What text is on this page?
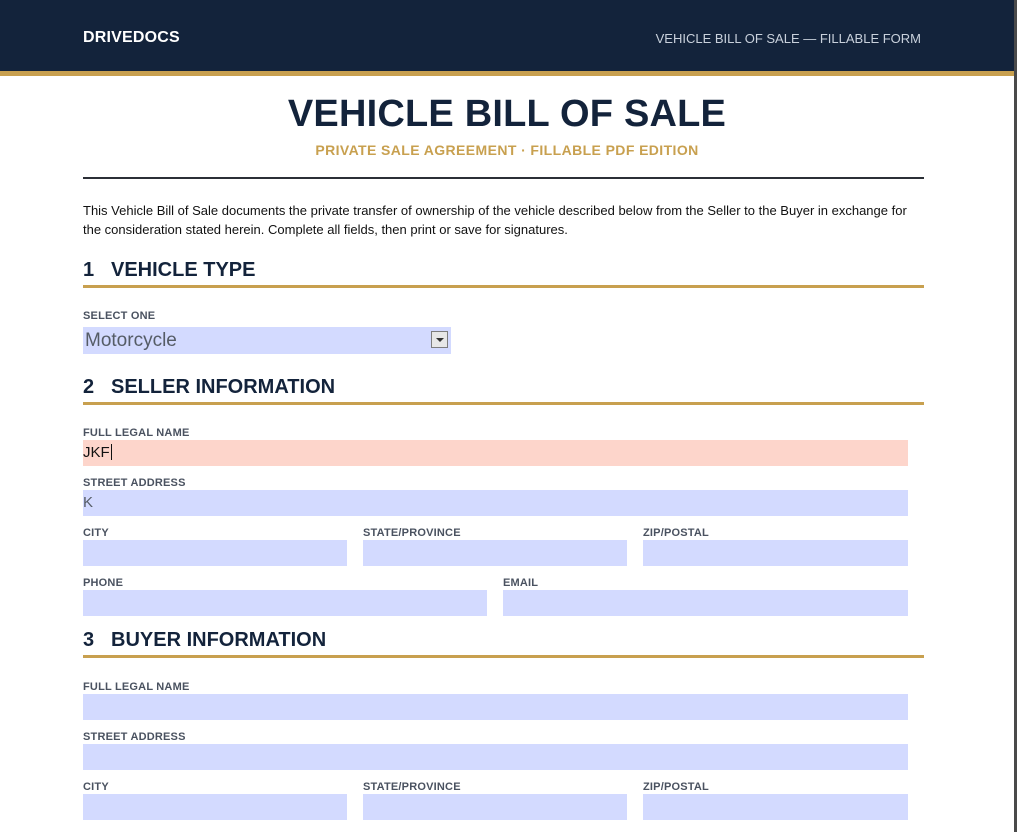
DRIVEDOCS	VEHICLE BILL OF SALE — FILLABLE FORM
VEHICLE BILL OF SALE
PRIVATE SALE AGREEMENT · FILLABLE PDF EDITION
This Vehicle Bill of Sale documents the private transfer of ownership of the vehicle described below from the Seller to the Buyer in exchange for the consideration stated herein. Complete all fields, then print or save for signatures.
1 VEHICLE TYPE
SELECT ONE
Motorcycle
2 SELLER INFORMATION
FULL LEGAL NAME
JKF
STREET ADDRESS
K
CITY	STATE/PROVINCE	ZIP/POSTAL
PHONE	EMAIL
3 BUYER INFORMATION
FULL LEGAL NAME
STREET ADDRESS
CITY	STATE/PROVINCE	ZIP/POSTAL
